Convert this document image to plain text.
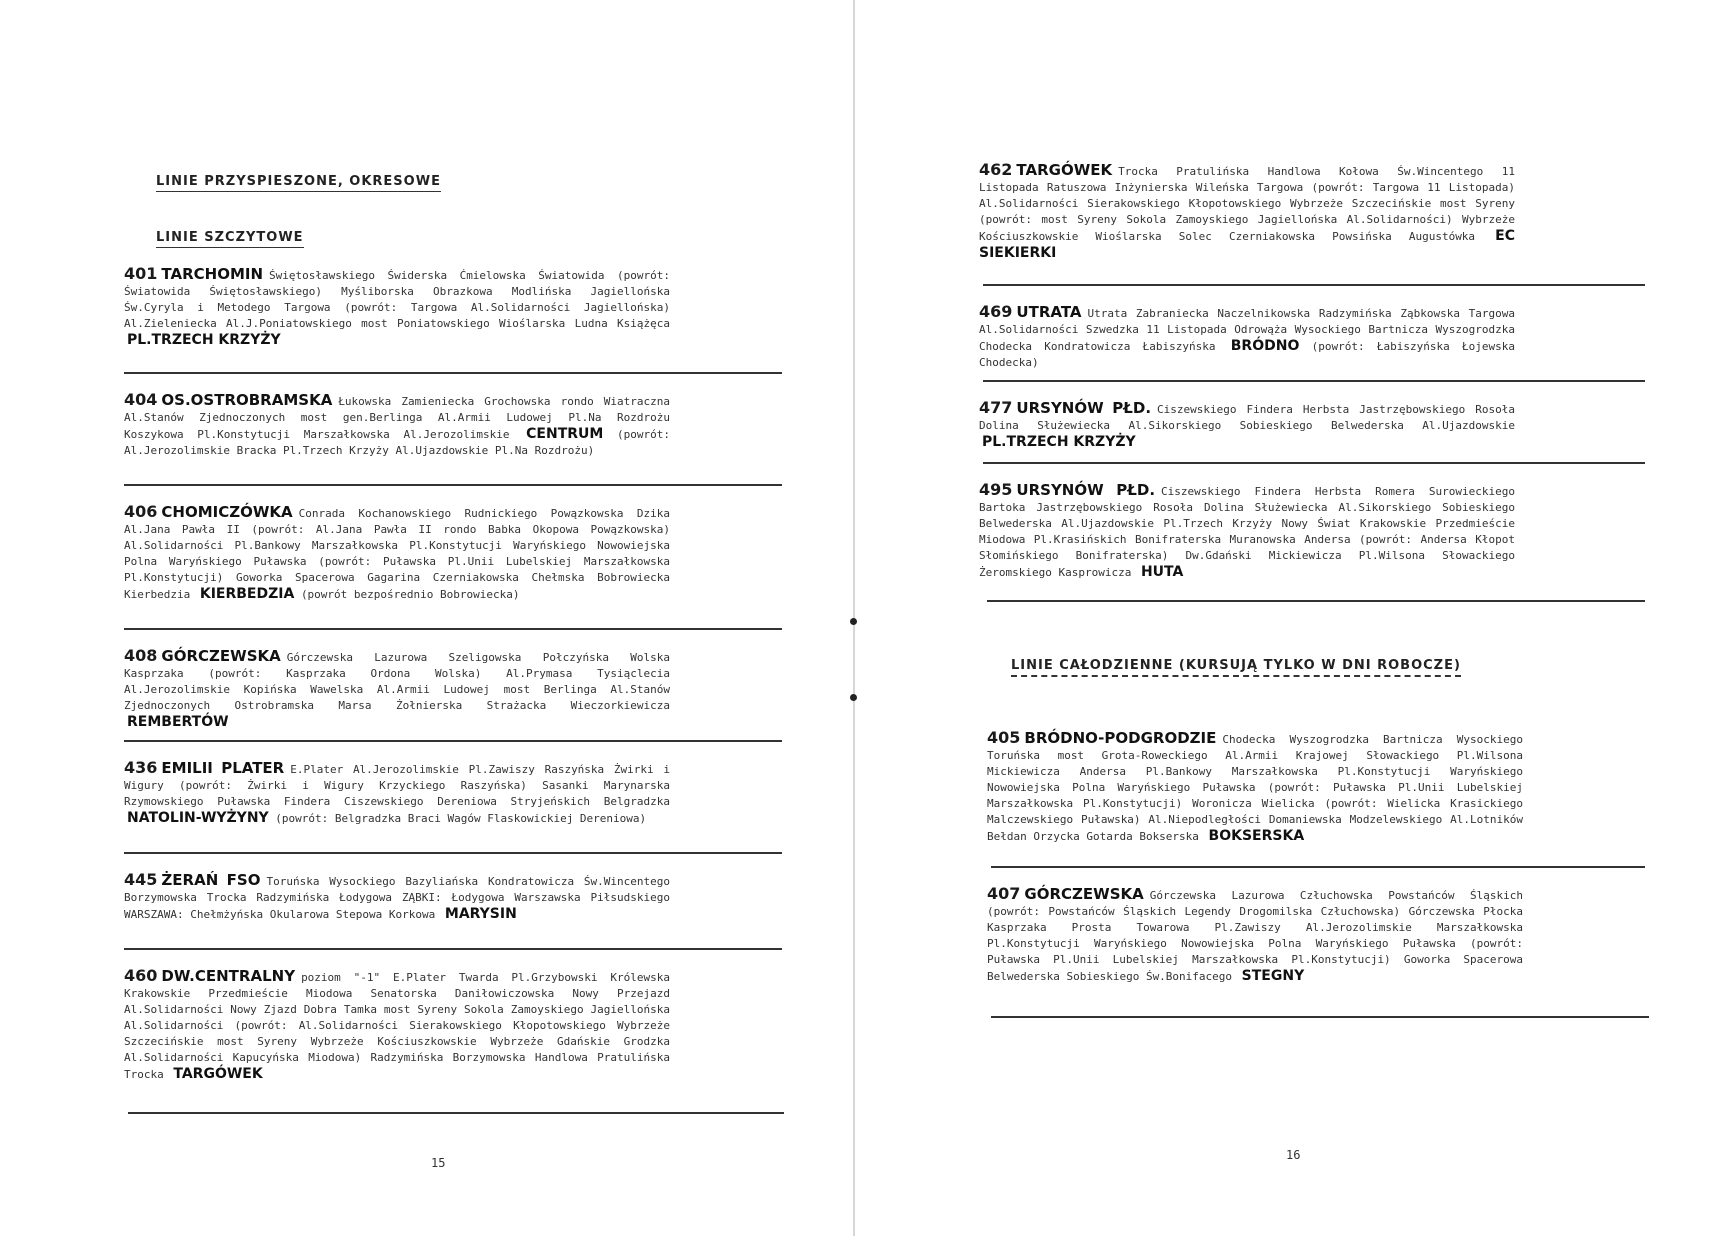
LINIE PRZYSPIESZONE, OKRESOWE
LINIE SZCZYTOWE

401 TARCHOMIN Świętosławskiego Świderska Ćmielowska Światowida (powrót: Światowida Świętosławskiego) Myśliborska Obrazkowa Modlińska Jagiellońska Św.Cyryla i Metodego Targowa (powrót: Targowa Al.Solidarności Jagiellońska) Al.Zieleniecka Al.J.Poniatowskiego most Poniatowskiego Wioślarska Ludna Książęca PL.TRZECH KRZYŻY

404 OS.OSTROBRAMSKA Łukowska Zamieniecka Grochowska rondo Wiatraczna Al.Stanów Zjednoczonych most gen.Berlinga Al.Armii Ludowej Pl.Na Rozdrożu Koszykowa Pl.Konstytucji Marszałkowska Al.Jerozolimskie CENTRUM (powrót: Al.Jerozolimskie Bracka Pl.Trzech Krzyży Al.Ujazdowskie Pl.Na Rozdrożu)

406 CHOMICZÓWKA Conrada Kochanowskiego Rudnickiego Powązkowska Dzika Al.Jana Pawła II (powrót: Al.Jana Pawła II rondo Babka Okopowa Powązkowska) Al.Solidarności Pl.Bankowy Marszałkowska Pl.Konstytucji Waryńskiego Nowowiejska Polna Waryńskiego Puławska (powrót: Puławska Pl.Unii Lubelskiej Marszałkowska Pl.Konstytucji) Goworka Spacerowa Gagarina Czerniakowska Chełmska Bobrowiecka Kierbedzia KIERBEDZIA (powrót bezpośrednio Bobrowiecka)

408 GÓRCZEWSKA Górczewska Lazurowa Szeligowska Połczyńska Wolska Kasprzaka (powrót: Kasprzaka Ordona Wolska) Al.Prymasa Tysiąclecia Al.Jerozolimskie Kopińska Wawelska Al.Armii Ludowej most Berlinga Al.Stanów Zjednoczonych Ostrobramska Marsa Żołnierska Strażacka Wieczorkiewicza REMBERTÓW

436 EMILII PLATER E.Plater Al.Jerozolimskie Pl.Zawiszy Raszyńska Żwirki i Wigury (powrót: Żwirki i Wigury Krzyckiego Raszyńska) Sasanki Marynarska Rzymowskiego Puławska Findera Ciszewskiego Dereniowa Stryjeńskich Belgradzka NATOLIN-WYŻYNY (powrót: Belgradzka Braci Wagów Flaskowickiej Dereniowa)

445 ŻERAŃ FSO Toruńska Wysockiego Bazyliańska Kondratowicza Św.Wincentego Borzymowska Trocka Radzymińska Łodygowa ZĄBKI: Łodygowa Warszawska Piłsudskiego WARSZAWA: Chełmżyńska Okularowa Stepowa Korkowa MARYSIN

460 DW.CENTRALNY poziom "-1" E.Plater Twarda Pl.Grzybowski Królewska Krakowskie Przedmieście Miodowa Senatorska Daniłowiczowska Nowy Przejazd Al.Solidarności Nowy Zjazd Dobra Tamka most Syreny Sokola Zamoyskiego Jagiellońska Al.Solidarności (powrót: Al.Solidarności Sierakowskiego Kłopotowskiego Wybrzeże Szczecińskie most Syreny Wybrzeże Kościuszkowskie Wybrzeże Gdańskie Grodzka Al.Solidarności Kapucyńska Miodowa) Radzymińska Borzymowska Handlowa Pratulińska Trocka TARGÓWEK

15

462 TARGÓWEK Trocka Pratulińska Handlowa Kołowa Św.Wincentego 11 Listopada Ratuszowa Inżynierska Wileńska Targowa (powrót: Targowa 11 Listopada) Al.Solidarności Sierakowskiego Kłopotowskiego Wybrzeże Szczecińskie most Syreny (powrót: most Syreny Sokola Zamoyskiego Jagiellońska Al.Solidarności) Wybrzeże Kościuszkowskie Wioślarska Solec Czerniakowska Powsińska Augustówka EC SIEKIERKI

469 UTRATA Utrata Zabraniecka Naczelnikowska Radzymińska Ząbkowska Targowa Al.Solidarności Szwedzka 11 Listopada Odrowąża Wysockiego Bartnicza Wyszogrodzka Chodecka Kondratowicza Łabiszyńska BRÓDNO (powrót: Łabiszyńska Łojewska Chodecka)

477 URSYNÓW PŁD. Ciszewskiego Findera Herbsta Jastrzębowskiego Rosoła Dolina Służewiecka Al.Sikorskiego Sobieskiego Belwederska Al.Ujazdowskie PL.TRZECH KRZYŻY

495 URSYNÓW PŁD. Ciszewskiego Findera Herbsta Romera Surowieckiego Bartoka Jastrzębowskiego Rosoła Dolina Służewiecka Al.Sikorskiego Sobieskiego Belwederska Al.Ujazdowskie Pl.Trzech Krzyży Nowy Świat Krakowskie Przedmieście Miodowa Pl.Krasińskich Bonifraterska Muranowska Andersa (powrót: Andersa Kłopot Słomińskiego Bonifraterska) Dw.Gdański Mickiewicza Pl.Wilsona Słowackiego Żeromskiego Kasprowicza HUTA

LINIE CAŁODZIENNE (KURSUJĄ TYLKO W DNI ROBOCZE)

405 BRÓDNO-PODGRODZIE Chodecka Wyszogrodzka Bartnicza Wysockiego Toruńska most Grota-Roweckiego Al.Armii Krajowej Słowackiego Pl.Wilsona Mickiewicza Andersa Pl.Bankowy Marszałkowska Pl.Konstytucji Waryńskiego Nowowiejska Polna Waryńskiego Puławska (powrót: Puławska Pl.Unii Lubelskiej Marszałkowska Pl.Konstytucji) Woronicza Wielicka (powrót: Wielicka Krasickiego Malczewskiego Puławska) Al.Niepodległości Domaniewska Modzelewskiego Al.Lotników Bełdan Orzycka Gotarda Bokserska BOKSERSKA

407 GÓRCZEWSKA Górczewska Lazurowa Człuchowska Powstańców Śląskich (powrót: Powstańców Śląskich Legendy Drogomilska Człuchowska) Górczewska Płocka Kasprzaka Prosta Towarowa Pl.Zawiszy Al.Jerozolimskie Marszałkowska Pl.Konstytucji Waryńskiego Nowowiejska Polna Waryńskiego Puławska (powrót: Puławska Pl.Unii Lubelskiej Marszałkowska Pl.Konstytucji) Goworka Spacerowa Belwederska Sobieskiego Św.Bonifacego STEGNY

16
